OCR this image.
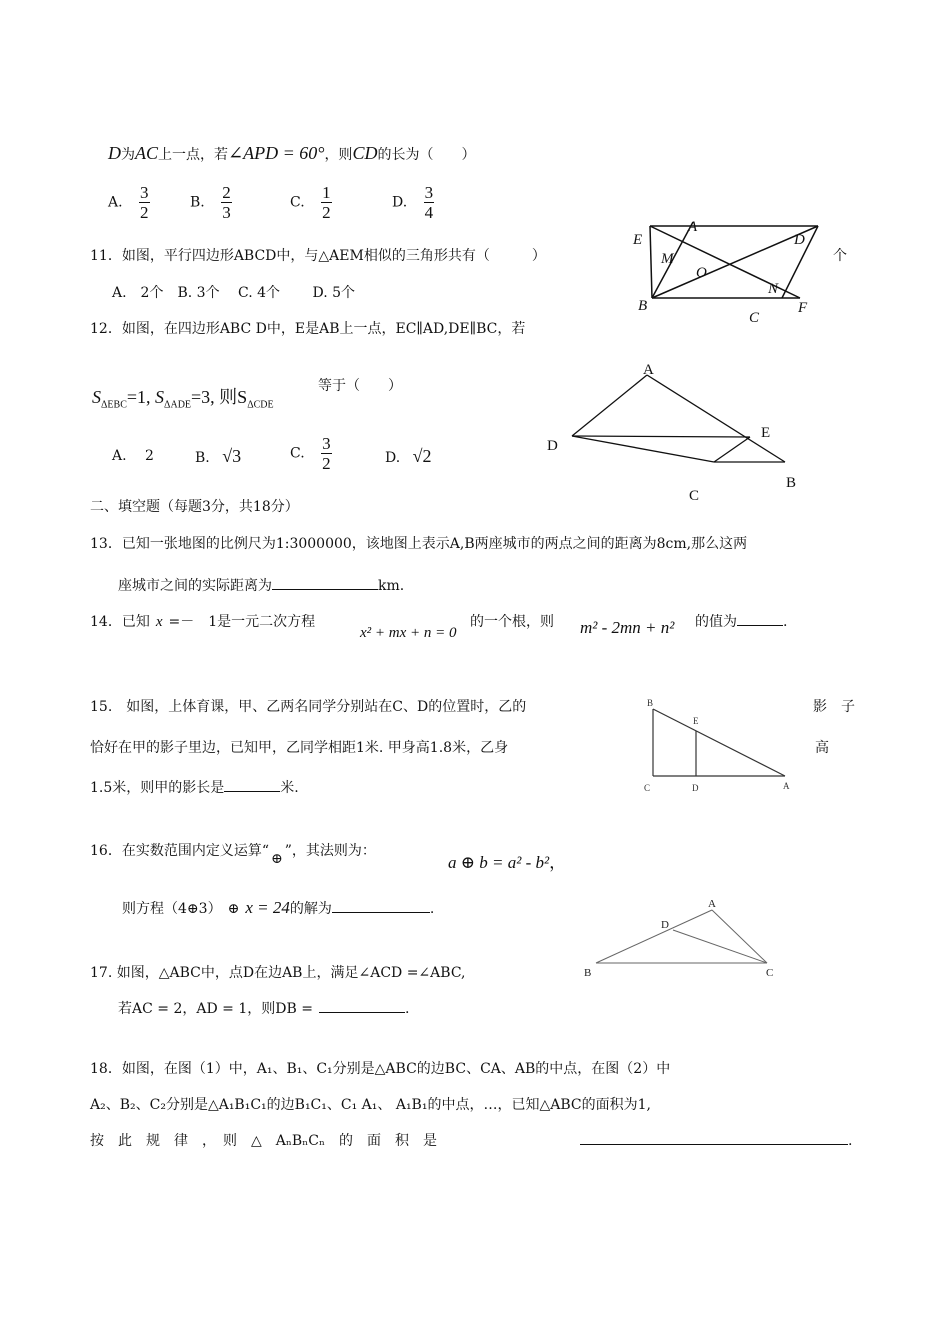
D为AC上一点，若∠APD = 60°，则CD的长为（　　）
A. $\frac{3}{2}$	B. $\frac{2}{3}$	C. $\frac{1}{2}$	D. $\frac{3}{4}$
11．如图，平行四边形ABCD中，与△AEM相似的三角形共有（　　　）	个
A.　2个　B. 3个　 C. 4个　　 D. 5个
A
E	D
M
O
B
N
C
F
12．如图，在四边形ABC D中，E是AB上一点，EC∥AD,DE∥BC，若
$S_{\Delta EBC}=1$, $S_{\Delta ADE}=3$, 则$S_{\Delta CDE}$
等于（　　）
A. 2	B. √3	C. $\frac{3}{2}$	D. √2
A
D
E
C
B
二、填空题（每题3分，共18分）
13．已知一张地图的比例尺为1:3000000，该地图上表示A,B两座城市的两点之间的距离为8cm,那么这两
座城市之间的实际距离为	km.
14．已知 x =－　1是一元二次方程
x² + mx + n = 0
的一个根，则 m² - 2mn + n² 的值为	.
15.　如图，上体育课，甲、乙两名同学分别站在C、D的位置时，乙的	影　子
恰好在甲的影子里边，已知甲，乙同学相距1米. 甲身高1.8米，乙身	高
1.5米，则甲的影长是	米.
B
E
C	D	A
16．在实数范围内定义运算“ ⊕ ”，其法则为：
a ⊕ b = a² - b²，
则方程（4⊕3） ⊕ x = 24的解为	.
17. 如图，△ABC中，点D在边AB上，满足∠ACD =∠ABC,
若AC = 2，AD = 1，则DB =	.
A
D
B	C
18．如图，在图（1）中，A₁、B₁、C₁分别是△ABC的边BC、CA、AB的中点，在图（2）中
A₂、B₂、C₂分别是△A₁B₁C₁的边B₁C₁、C₁ A₁、 A₁B₁的中点，…，已知△ABC的面积为1,
按　此　规　律　，　则　△　AₙBₙCₙ　的　面　积　是	.
